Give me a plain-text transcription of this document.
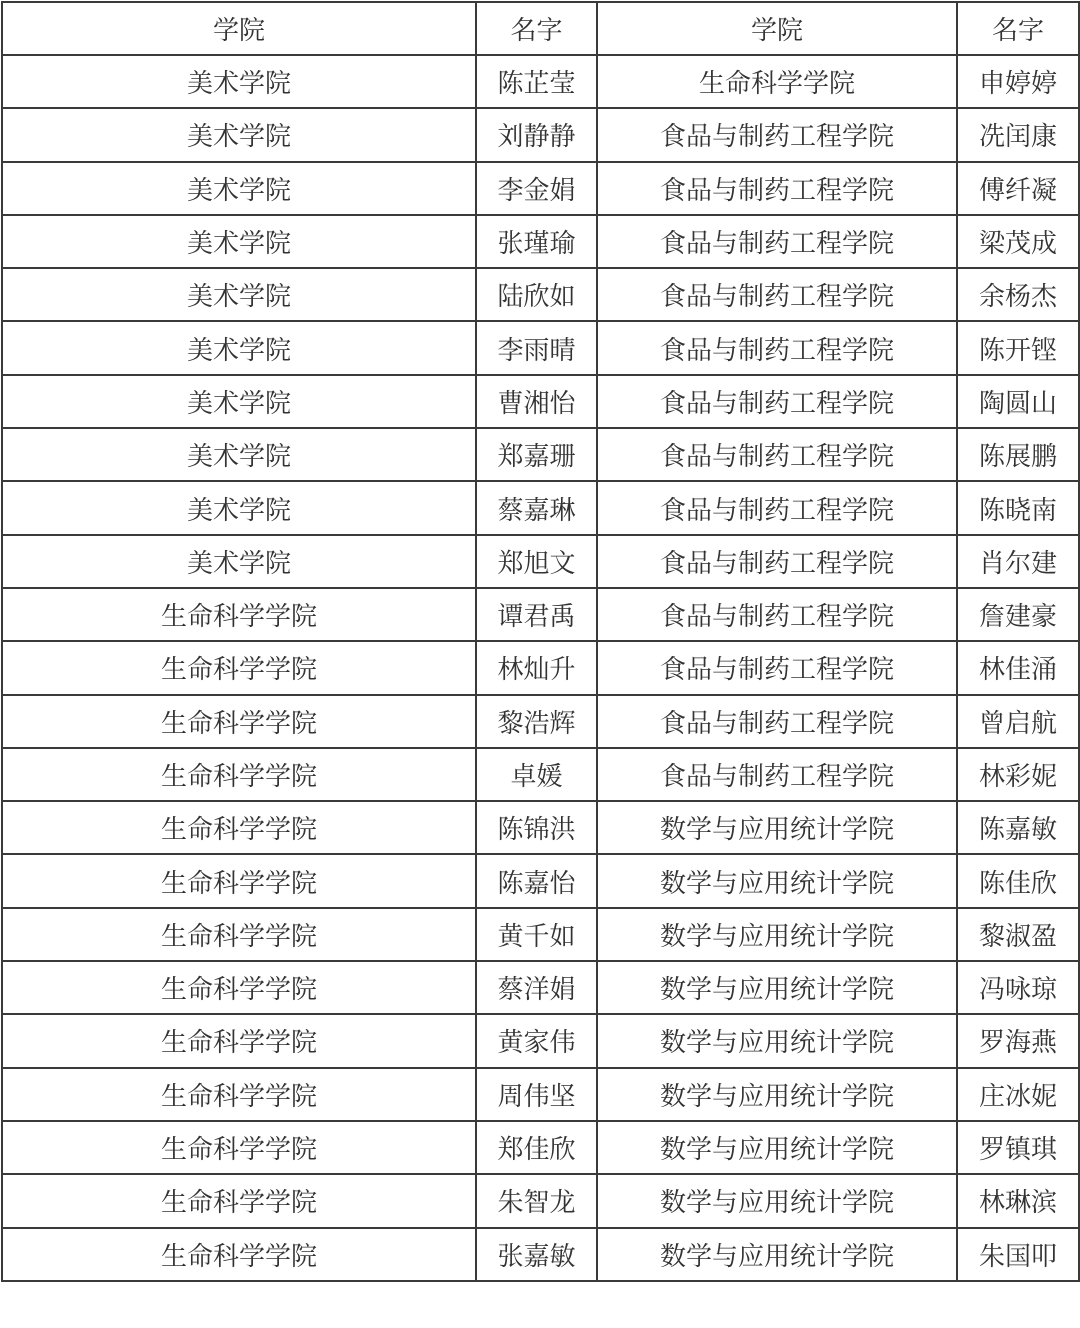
学院	名字	学院	名字
美术学院	陈芷莹	生命科学学院	申婷婷
美术学院	刘静静	食品与制药工程学院	冼闰康
美术学院	李金娟	食品与制药工程学院	傅纤凝
美术学院	张瑾瑜	食品与制药工程学院	梁茂成
美术学院	陆欣如	食品与制药工程学院	余杨杰
美术学院	李雨晴	食品与制药工程学院	陈开铿
美术学院	曹湘怡	食品与制药工程学院	陶圆山
美术学院	郑嘉珊	食品与制药工程学院	陈展鹏
美术学院	蔡嘉琳	食品与制药工程学院	陈晓南
美术学院	郑旭文	食品与制药工程学院	肖尔建
生命科学学院	谭君禹	食品与制药工程学院	詹建豪
生命科学学院	林灿升	食品与制药工程学院	林佳涌
生命科学学院	黎浩辉	食品与制药工程学院	曾启航
生命科学学院	卓媛	食品与制药工程学院	林彩妮
生命科学学院	陈锦洪	数学与应用统计学院	陈嘉敏
生命科学学院	陈嘉怡	数学与应用统计学院	陈佳欣
生命科学学院	黄千如	数学与应用统计学院	黎淑盈
生命科学学院	蔡洋娟	数学与应用统计学院	冯咏琼
生命科学学院	黄家伟	数学与应用统计学院	罗海燕
生命科学学院	周伟坚	数学与应用统计学院	庄冰妮
生命科学学院	郑佳欣	数学与应用统计学院	罗镇琪
生命科学学院	朱智龙	数学与应用统计学院	林琳滨
生命科学学院	张嘉敏	数学与应用统计学院	朱国叩
